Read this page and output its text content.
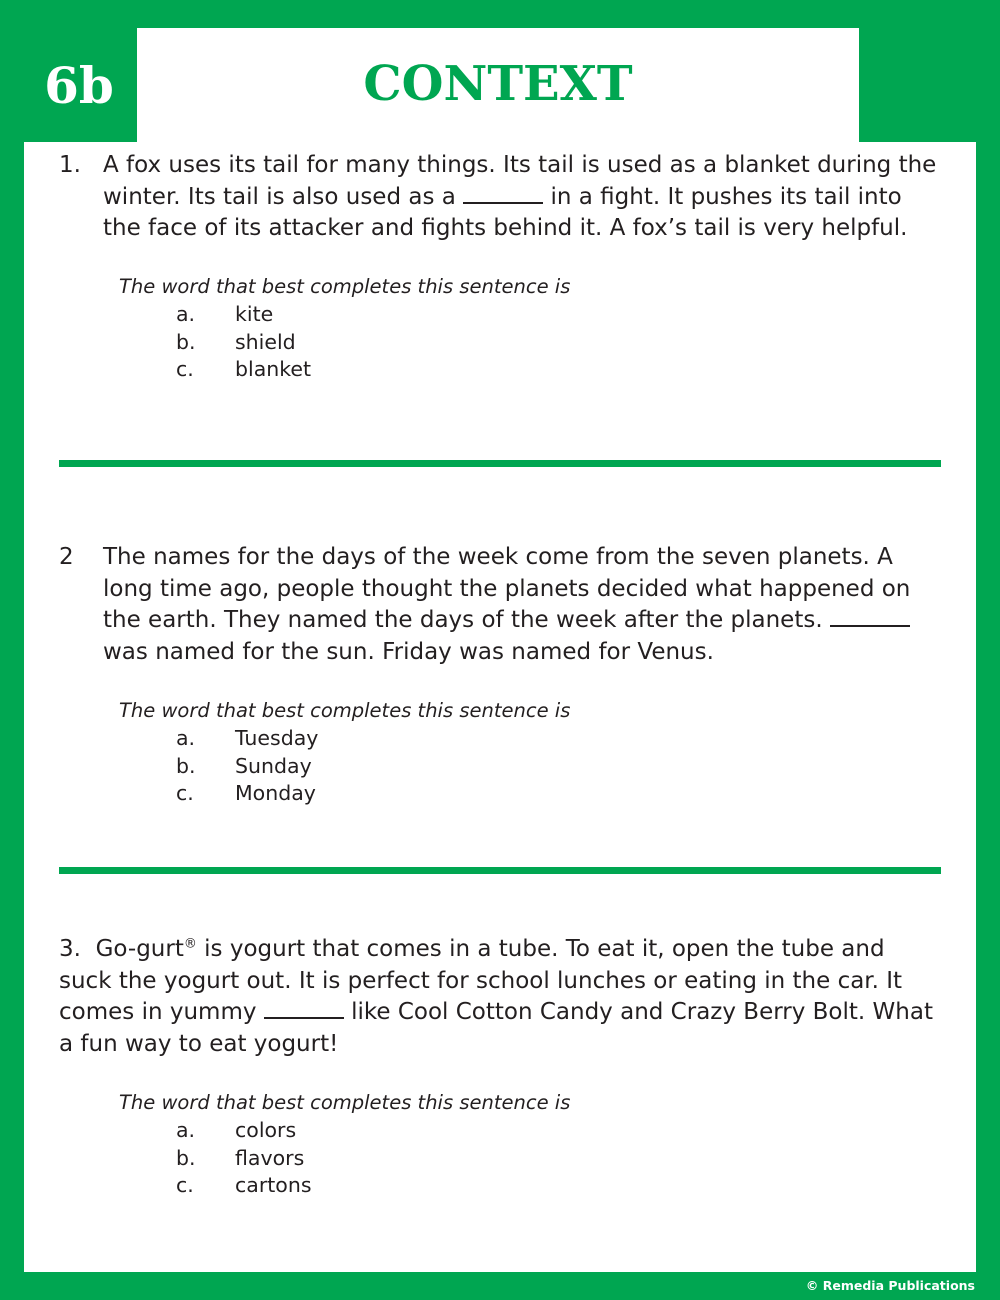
6b	CONTEXT
1. A fox uses its tail for many things. Its tail is used as a blanket during the winter. Its tail is also used as a	in a fight. It pushes its tail into the face of its attacker and fights behind it. A fox’s tail is very helpful.
The word that best completes this sentence is
a.	kite
b.	shield
c.	blanket
2	The names for the days of the week come from the seven planets. A long time ago, people thought the planets decided what happened on the earth. They named the days of the week after the planets.  was named for the sun. Friday was named for Venus.
The word that best completes this sentence is
a.	Tuesday
b.	Sunday
c.	Monday
3. Go-gurt® is yogurt that comes in a tube. To eat it, open the tube and suck the yogurt out. It is perfect for school lunches or eating in the car. It comes in yummy	like Cool Cotton Candy and Crazy Berry Bolt. What a fun way to eat yogurt!
The word that best completes this sentence is
a.	colors
b.	flavors
c.	cartons
© Remedia Publications
